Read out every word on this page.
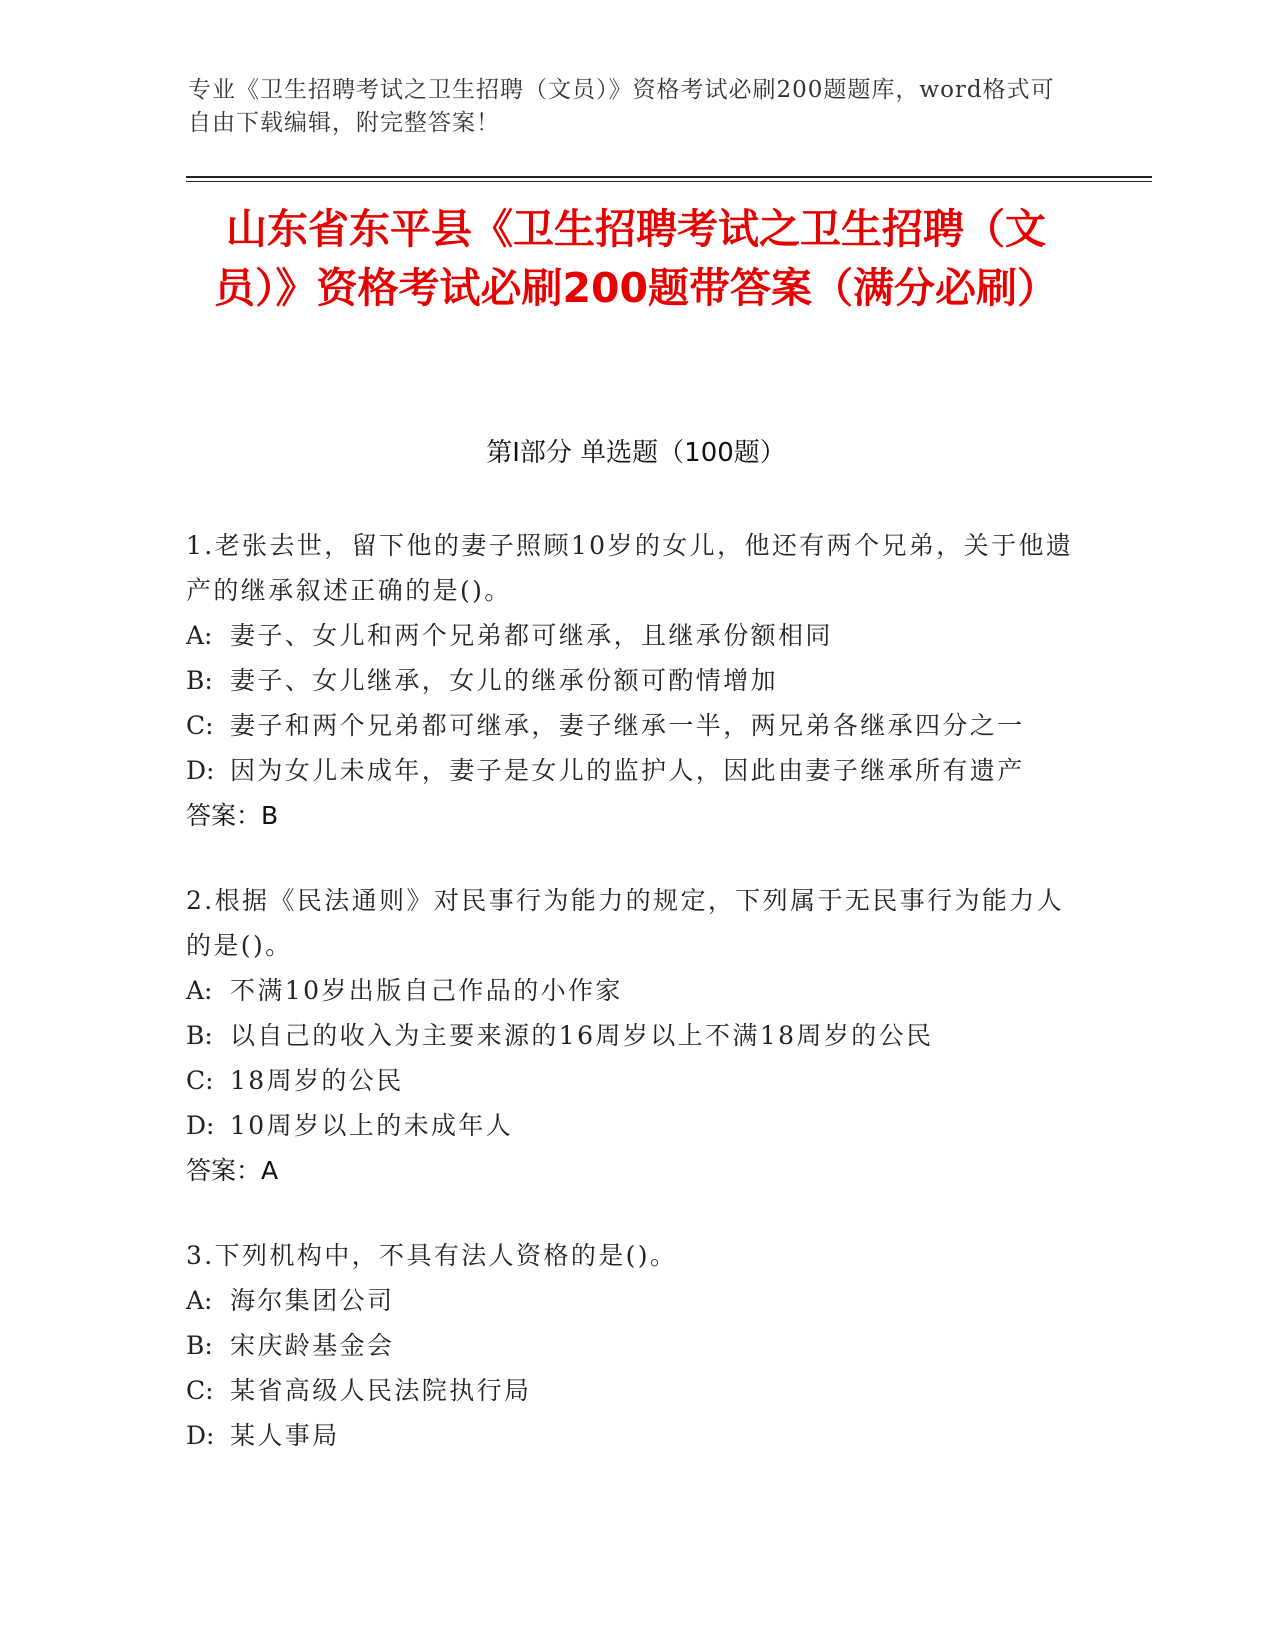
专业《卫生招聘考试之卫生招聘（文员）》资格考试必刷200题题库，word格式可自由下载编辑，附完整答案！
山东省东平县《卫生招聘考试之卫生招聘（文员）》资格考试必刷200题带答案（满分必刷）
第I部分 单选题（100题）
1.老张去世，留下他的妻子照顾10岁的女儿，他还有两个兄弟，关于他遗产的继承叙述正确的是()。
A: 妻子、女儿和两个兄弟都可继承，且继承份额相同
B: 妻子、女儿继承，女儿的继承份额可酌情增加
C: 妻子和两个兄弟都可继承，妻子继承一半，两兄弟各继承四分之一
D: 因为女儿未成年，妻子是女儿的监护人，因此由妻子继承所有遗产
答案：B
2.根据《民法通则》对民事行为能力的规定，下列属于无民事行为能力人的是()。
A: 不满10岁出版自己作品的小作家
B: 以自己的收入为主要来源的16周岁以上不满18周岁的公民
C: 18周岁的公民
D: 10周岁以上的未成年人
答案：A
3.下列机构中，不具有法人资格的是()。
A: 海尔集团公司
B: 宋庆龄基金会
C: 某省高级人民法院执行局
D: 某人事局
